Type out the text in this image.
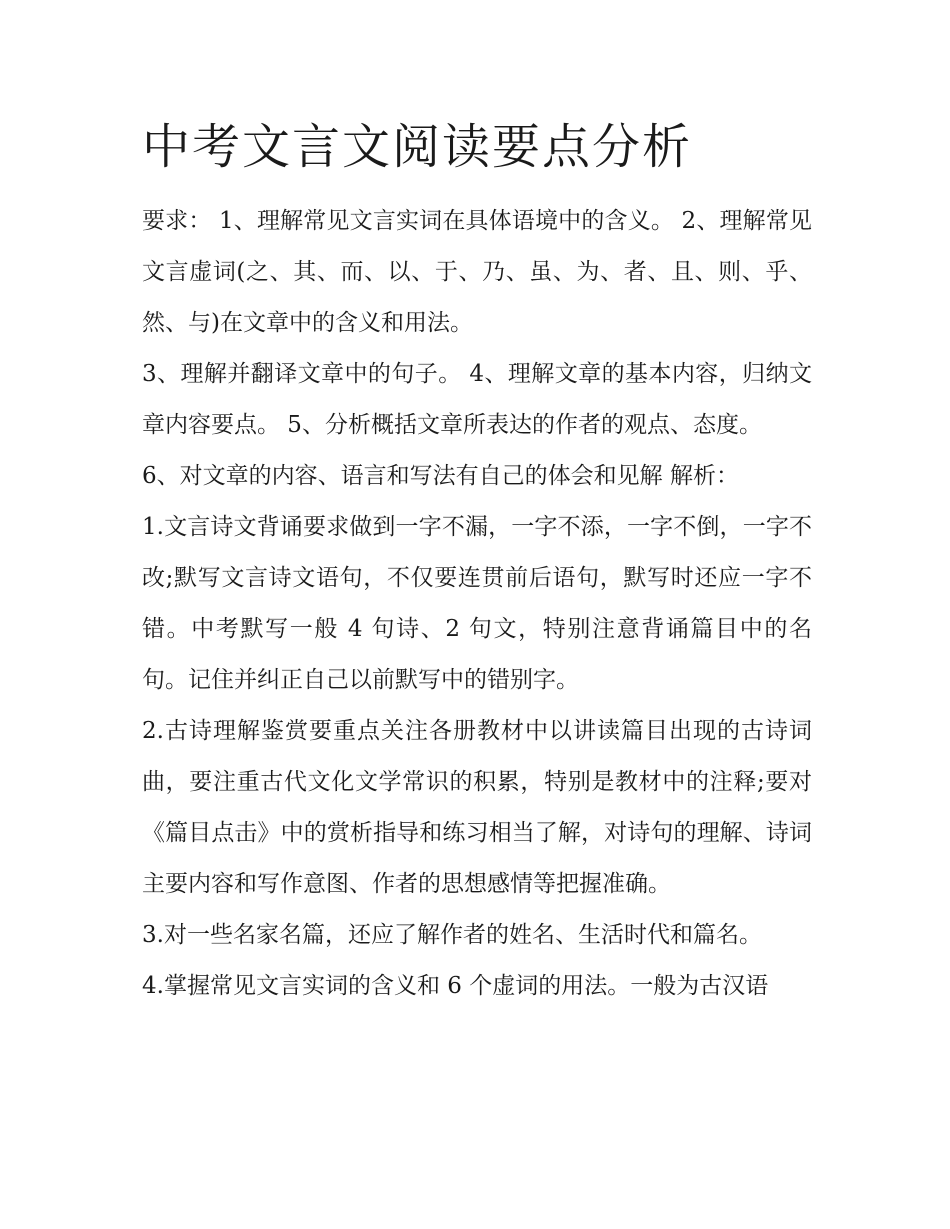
中考文言文阅读要点分析

要求： 1、理解常见文言实词在具体语境中的含义。 2、理解常见文言虚词(之、其、而、以、于、乃、虽、为、者、且、则、乎、然、与)在文章中的含义和用法。

3、理解并翻译文章中的句子。 4、理解文章的基本内容，归纳文章内容要点。 5、分析概括文章所表达的作者的观点、态度。

6、对文章的内容、语言和写法有自己的体会和见解 解析：

1.文言诗文背诵要求做到一字不漏，一字不添，一字不倒，一字不改;默写文言诗文语句，不仅要连贯前后语句，默写时还应一字不错。中考默写一般 4 句诗、2 句文，特别注意背诵篇目中的名句。记住并纠正自己以前默写中的错别字。

2.古诗理解鉴赏要重点关注各册教材中以讲读篇目出现的古诗词曲，要注重古代文化文学常识的积累，特别是教材中的注释;要对《篇目点击》中的赏析指导和练习相当了解，对诗句的理解、诗词主要内容和写作意图、作者的思想感情等把握准确。

3.对一些名家名篇，还应了解作者的姓名、生活时代和篇名。

4.掌握常见文言实词的含义和 6 个虚词的用法。一般为古汉语
